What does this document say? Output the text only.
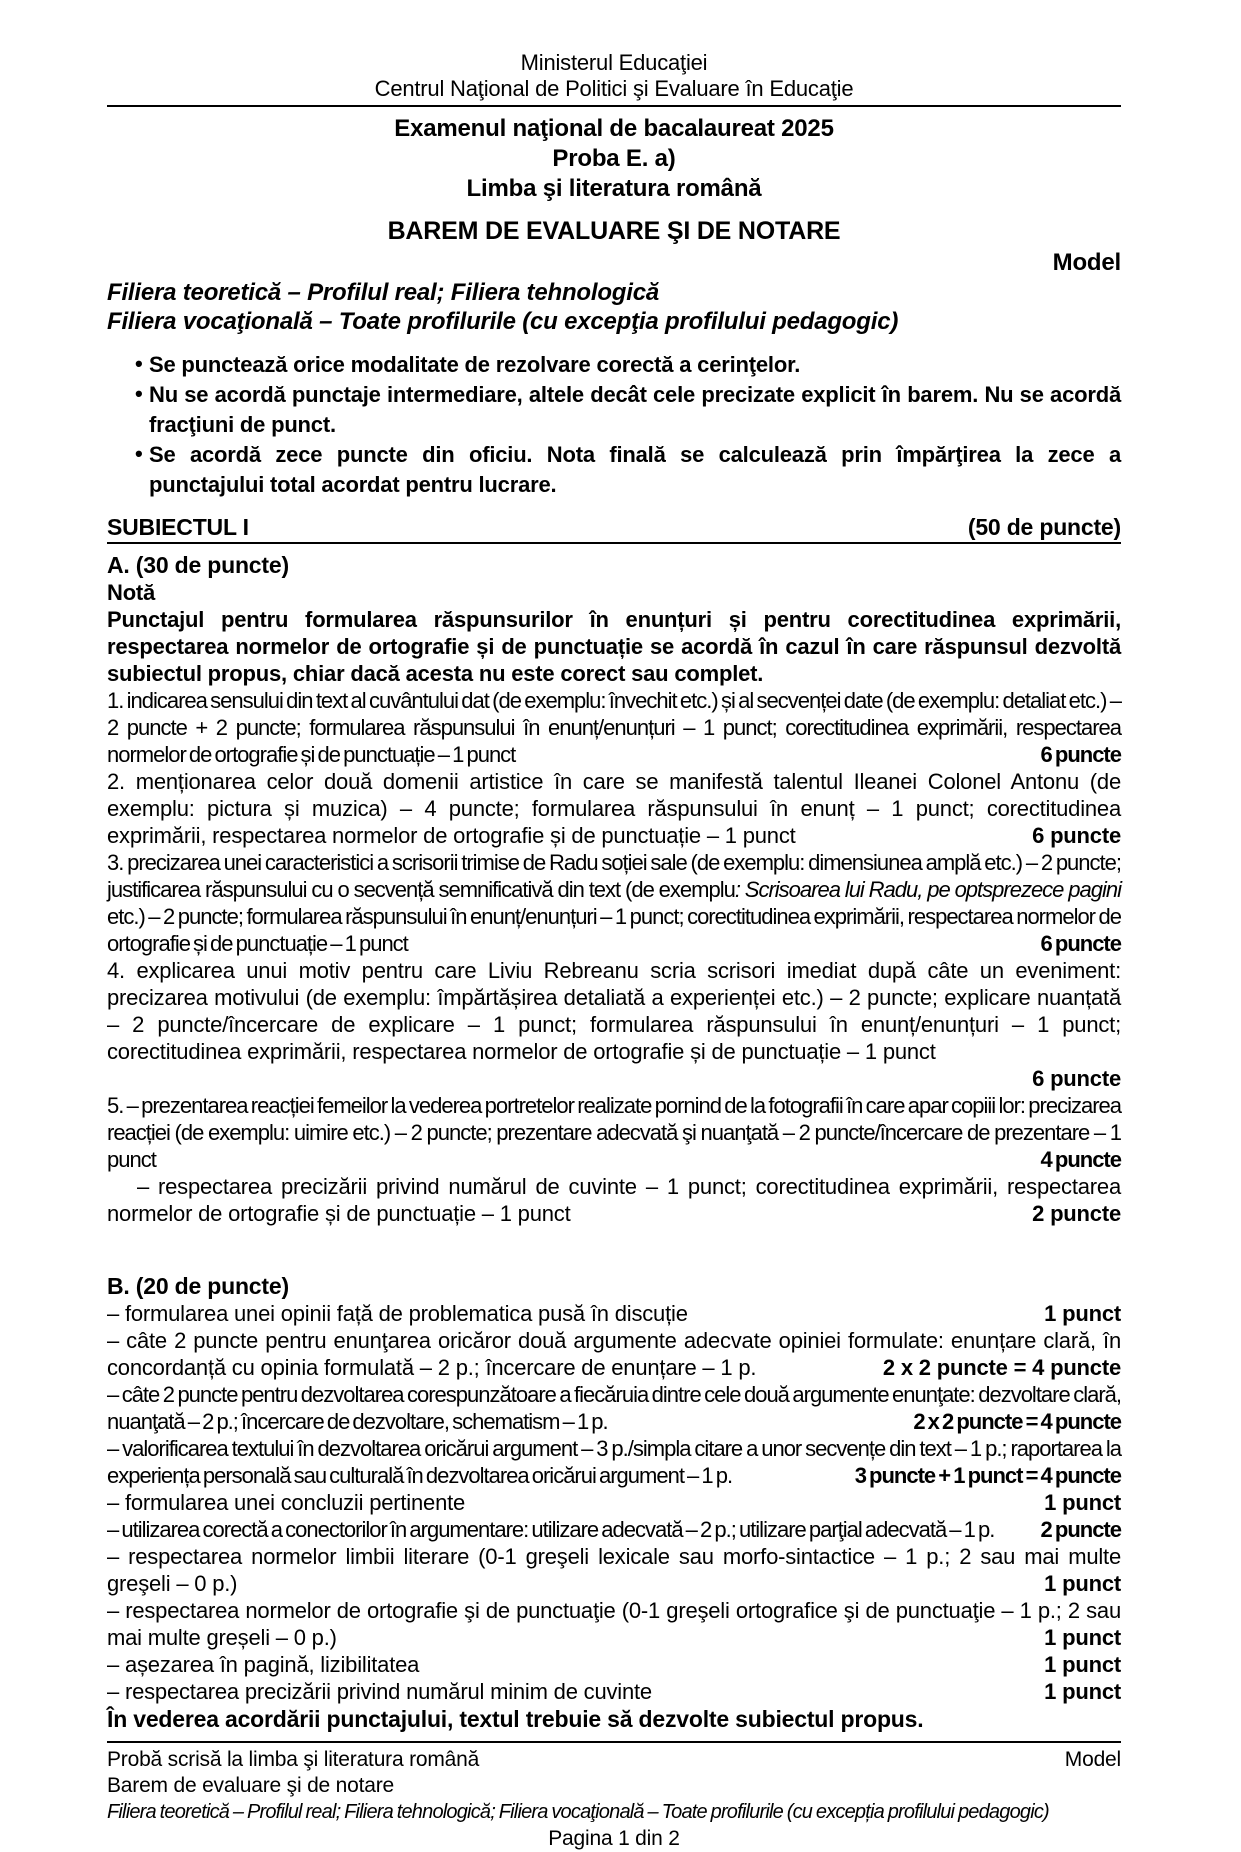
Ministerul Educaţiei
Centrul Naţional de Politici şi Evaluare în Educaţie
Examenul naţional de bacalaureat 2025
Proba E. a)
Limba şi literatura română
BAREM DE EVALUARE ŞI DE NOTARE
Model
Filiera teoretică – Profilul real; Filiera tehnologică
Filiera vocaţională – Toate profilurile (cu excepţia profilului pedagogic)
• Se punctează orice modalitate de rezolvare corectă a cerinţelor.
• Nu se acordă punctaje intermediare, altele decât cele precizate explicit în barem. Nu se acordă fracţiuni de punct.
• Se acordă zece puncte din oficiu. Nota finală se calculează prin împărţirea la zece a punctajului total acordat pentru lucrare.
SUBIECTUL I	(50 de puncte)
A. (30 de puncte)
Notă
Punctajul pentru formularea răspunsurilor în enunțuri și pentru corectitudinea exprimării, respectarea normelor de ortografie și de punctuație se acordă în cazul în care răspunsul dezvoltă subiectul propus, chiar dacă acesta nu este corect sau complet.
1. indicarea sensului din text al cuvântului dat (de exemplu: învechit etc.) și al secvenței date (de exemplu: detaliat etc.) – 2 puncte + 2 puncte; formularea răspunsului în enunț/enunțuri – 1 punct; corectitudinea exprimării, respectarea normelor de ortografie și de punctuație – 1 punct	6 puncte
2. menționarea celor două domenii artistice în care se manifestă talentul Ileanei Colonel Antonu (de exemplu: pictura și muzica) – 4 puncte; formularea răspunsului în enunț – 1 punct; corectitudinea exprimării, respectarea normelor de ortografie și de punctuație – 1 punct	6 puncte
3. precizarea unei caracteristici a scrisorii trimise de Radu soției sale (de exemplu: dimensiunea amplă etc.) – 2 puncte; justificarea răspunsului cu o secvență semnificativă din text (de exemplu: Scrisoarea lui Radu, pe optsprezece pagini etc.) – 2 puncte; formularea răspunsului în enunț/enunțuri – 1 punct; corectitudinea exprimării, respectarea normelor de ortografie și de punctuație – 1 punct	6 puncte
4. explicarea unui motiv pentru care Liviu Rebreanu scria scrisori imediat după câte un eveniment: precizarea motivului (de exemplu: împărtășirea detaliată a experienței etc.) – 2 puncte; explicare nuanțată – 2 puncte/încercare de explicare – 1 punct; formularea răspunsului în enunț/enunțuri – 1 punct; corectitudinea exprimării, respectarea normelor de ortografie și de punctuație – 1 punct
6 puncte
5. – prezentarea reacției femeilor la vederea portretelor realizate pornind de la fotografii în care apar copiii lor: precizarea reacției (de exemplu: uimire etc.) – 2 puncte; prezentare adecvată şi nuanţată – 2 puncte/încercare de prezentare – 1 punct	4 puncte
– respectarea precizării privind numărul de cuvinte – 1 punct; corectitudinea exprimării, respectarea normelor de ortografie și de punctuație – 1 punct	2 puncte
B. (20 de puncte)
– formularea unei opinii față de problematica pusă în discuție	1 punct
– câte 2 puncte pentru enunţarea oricăror două argumente adecvate opiniei formulate: enunțare clară, în concordanță cu opinia formulată – 2 p.; încercare de enunțare – 1 p.	2 x 2 puncte = 4 puncte
– câte 2 puncte pentru dezvoltarea corespunzătoare a fiecăruia dintre cele două argumente enunţate: dezvoltare clară, nuanţată – 2 p.; încercare de dezvoltare, schematism – 1 p.	2 x 2 puncte = 4 puncte
– valorificarea textului în dezvoltarea oricărui argument – 3 p./simpla citare a unor secvențe din text – 1 p.; raportarea la experiența personală sau culturală în dezvoltarea oricărui argument – 1 p.	3 puncte + 1 punct = 4 puncte
– formularea unei concluzii pertinente	1 punct
– utilizarea corectă a conectorilor în argumentare: utilizare adecvată – 2 p.; utilizare parţial adecvată – 1 p. 2 puncte
– respectarea normelor limbii literare (0-1 greşeli lexicale sau morfo-sintactice – 1 p.; 2 sau mai multe greşeli – 0 p.)	1 punct
– respectarea normelor de ortografie şi de punctuaţie (0-1 greşeli ortografice şi de punctuaţie – 1 p.; 2 sau mai multe greșeli – 0 p.)	1 punct
– așezarea în pagină, lizibilitatea	1 punct
– respectarea precizării privind numărul minim de cuvinte	1 punct
În vederea acordării punctajului, textul trebuie să dezvolte subiectul propus.
Probă scrisă la limba şi literatura română	Model
Barem de evaluare şi de notare
Filiera teoretică – Profilul real; Filiera tehnologică; Filiera vocaţională – Toate profilurile (cu excepția profilului pedagogic)
Pagina 1 din 2
